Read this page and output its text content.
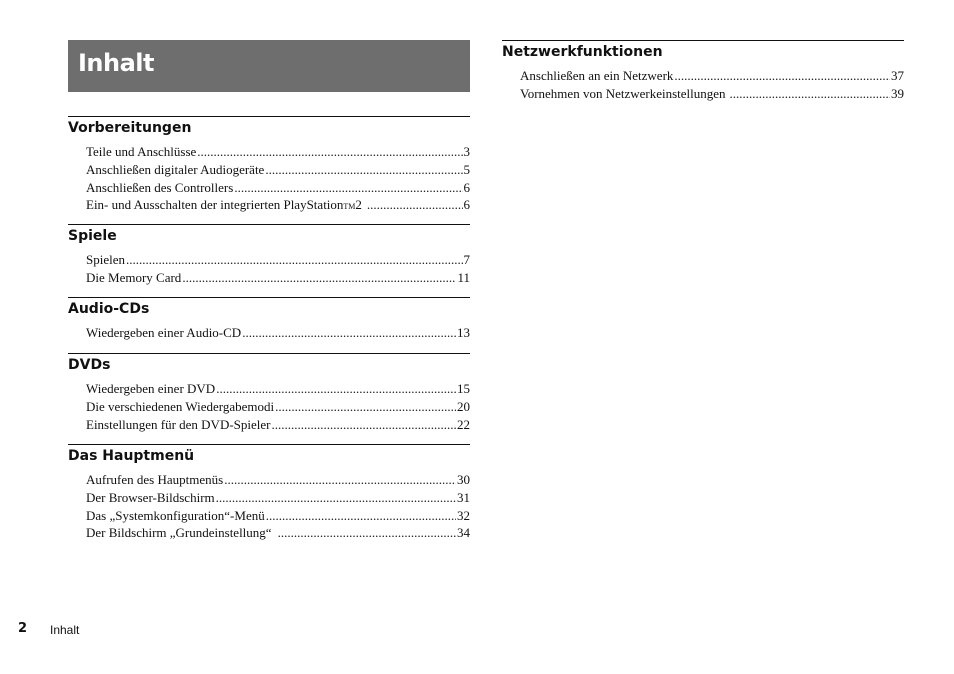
Inhalt
Vorbereitungen
Teile und Anschlüsse .....	3
Anschließen digitaler Audiogeräte .....	5
Anschließen des Controllers .....	6
Ein- und Ausschalten der integrierten PlayStationTM2 .....	6
Spiele
Spielen .....	7
Die Memory Card .....	11
Audio-CDs
Wiedergeben einer Audio-CD .....	13
DVDs
Wiedergeben einer DVD .....	15
Die verschiedenen Wiedergabemodi .....	20
Einstellungen für den DVD-Spieler .....	22
Das Hauptmenü
Aufrufen des Hauptmenüs .....	30
Der Browser-Bildschirm .....	31
Das „Systemkonfiguration“-Menü .....	32
Der Bildschirm „Grundeinstellung“ .....	34
Netzwerkfunktionen
Anschließen an ein Netzwerk .....	37
Vornehmen von Netzwerkeinstellungen .....	39
2 Inhalt
